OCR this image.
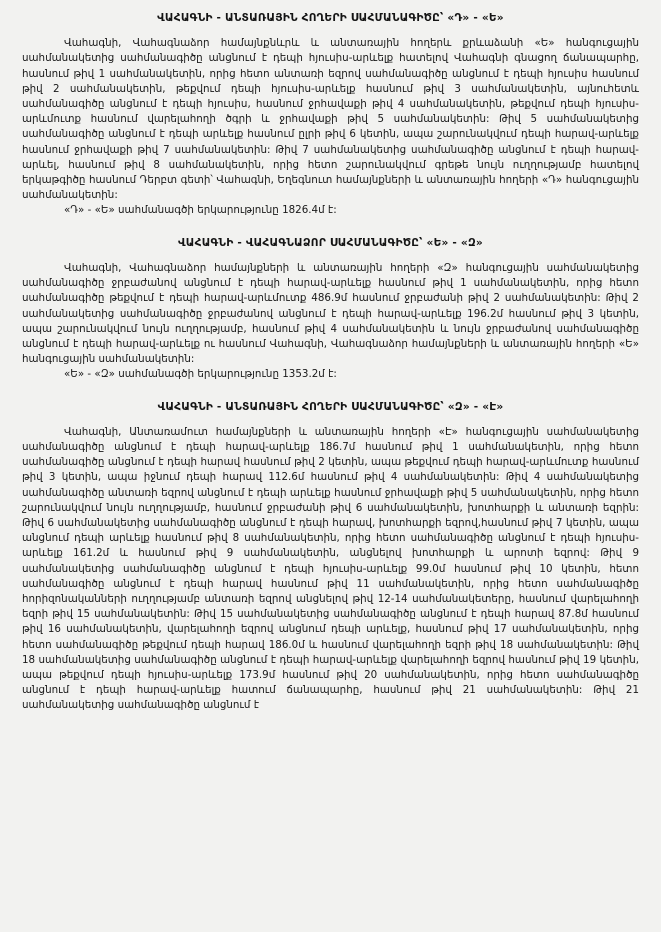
ՎԱՀԱԳՆԻ - ԱՆՏԱՌԱՅԻՆ ՀՈՂԵՐԻ ՍԱՀՄԱՆԱԳԻԾԸ՝ «Դ» - «Ե»

Վահագնի, Վահագնաձոր համայնքնևրև և անտառային հողերև քրևաձանի «Ե» հանգուցային սահմանակետից սահմանագիծը անցնում է դեպի հյուսիս-արևելք հատելով Վահագնի գնացող ճանապարհը, հասնում թիվ 1 սահմանակետին, որից հետո անտառի եզրով սահմանագիծը անցնում է դեպի հյուսիս հասնում թիվ 2 սահմանակետին, թեքվում դեպի հյուսիս-արևելք հասնում թիվ 3 սահմանակետին, այնուհետև սահմանագիծը անցնում է դեպի հյուսիս, հասնում ջրհավաքի թիվ 4 սահմանակետին, թեքվում դեպի հյուսիս-արևմուտք հասնում վարելահողի ծգրի և ջրհավաքի թիվ 5 սահմանակետին: Թիվ 5 սահմանակետից սահմանագիծը անցնում է դեպի արևելք հասնում ըլրի թիվ 6 կետին, ապա շարունակվում դեպի հարավ-արևելք հասնում ջրհավաքի թիվ 7 սահմանակետին: Թիվ 7 սահմանակետից սահմանագիծը անցնում է դեպի հարավ-արևել, հասնում թիվ 8 սահմանակետին, որից հետո շարունակվում գրեթե նույն ուղղությամբ հատելով երկաթգիծը հասնում Դերբտ գետի՝ Վահագնի, Եղեգնուտ համայնքների և անտառային հողերի «Դ» հանգուցային սահմանակետին:

«Դ» - «Ե» սահմանագծի երկարությունը 1826.4մ է:

ՎԱՀԱԳՆԻ - ՎԱՀԱԳՆԱՁՈՐ ՍԱՀՄԱՆԱԳԻԾԸ՝ «Ե» - «Զ»

Վահագնի, Վահագնաձոր համայնքների և անտառային հողերի «Զ» հանգուցային սահմանակետից սահմանագիծը ջրբաժանով անցնում է դեպի հարավ-արևելք հասնում թիվ 1 սահմանակետին, որից հետո սահմանագիծը թեքվում է դեպի հարավ-արևմուտք 486.9մ հասնում ջրբաժանի թիվ 2 սահմանակետին: Թիվ 2 սահմանակետից սահմանագիծը ջրբաժանով անցնում է դեպի հարավ-արևելք 196.2մ հասնում թիվ 3 կետին, ապա շարունակվում նույն ուղղությամբ, հասնում թիվ 4 սահմանակետին և նույն ջրբաժանով սահմանագիծը անցնում է դեպի հարավ-արևելք ու հասնում Վահագնի, Վահագնաձոր համայնքների և անտառային հողերի «Ե» հանգուցային սահմանակետին:

«Ե» - «Զ» սահմանագծի երկարությունը 1353.2մ է:

ՎԱՀԱԳՆԻ - ԱՆՏԱՌԱՅԻՆ ՀՈՂԵՐԻ ՍԱՀՄԱՆԱԳԻԾԸ՝ «Զ» - «Է»

Վահագնի, Անտառամուտ համայնքների և անտառային հողերի «Է» հանգուցային սահմանակետից սահմանագիծը անցնում է դեպի հարավ-արևելք 186.7մ հասնում թիվ 1 սահմանակետին, որից հետո սահմանագիծը անցնում է դեպի հարավ հասնում թիվ 2 կետին, ապա թեքվում դեպի հարավ-արևմուտք հասնում թիվ 3 կետին, ապա իջնում դեպի հարավ 112.6մ հասնում թիվ 4 սահմանակետին: Թիվ 4 սահմանակետից սահմանագիծը անտառի եզրով անցնում է դեպի արևելք հասնում ջրհավաքի թիվ 5 սահմանակետին, որից հետո շարունակվում նույն ուղղությամբ, հասնում ջրբաժանի թիվ 6 սահմանակետին, խոտհարքի և անտառի եզրին: Թիվ 6 սահմանակետից սահմանագիծը անցնում է դեպի հարավ, խոտհարքի եզրով,հասնում թիվ 7 կետին, ապա անցնում դեպի արևելք հասնում թիվ 8 սահմանակետին, որից հետո սահմանագիծը անցնում է դեպի հյուսիս-արևելք 161.2մ և հասնում թիվ 9 սահմանակետին, անցնելով խոտհարքի և արոտի եզրով: Թիվ 9 սահմանակետից սահմանագիծը անցնում է դեպի հյուսիս-արևելք 99.0մ հասնում թիվ 10 կետին, հետո սահմանագիծը անցնում է դեպի հարավ հասնում թիվ 11 սահմանակետին, որից հետո սահմանագիծը հորիզոնականների ուղղությամբ անտառի եզրով անցնելով թիվ 12-14 սահմանակետերը, հասնում վարելահողի եզրի թիվ 15 սահմանակետին: Թիվ 15 սահմանակետից սահմանագիծը անցնում է դեպի հարավ 87.8մ հասնում թիվ 16 սահմանակետին, վարելահողի եզրով անցնում դեպի արևելք, հասնում թիվ 17 սահմանակետին, որից հետո սահմանագիծը թեքվում դեպի հարավ 186.0մ և հասնում վարելահողի եզրի թիվ 18 սահմանակետին: Թիվ 18 սահմանակետից սահմանագիծը անցնում է դեպի հարավ-արևելք վարելահողի եզրով հասնում թիվ 19 կետին, ապա թեքվում դեպի հյուսիս-արևելք 173.9մ հասնում թիվ 20 սահմանակետին, որից հետո սահմանագիծը անցնում է դեպի հարավ-արևելք հատում ճանապարհը, հասնում թիվ 21 սահմանակետին: Թիվ 21 սահմանակետից սահմանագիծը անցնում է
